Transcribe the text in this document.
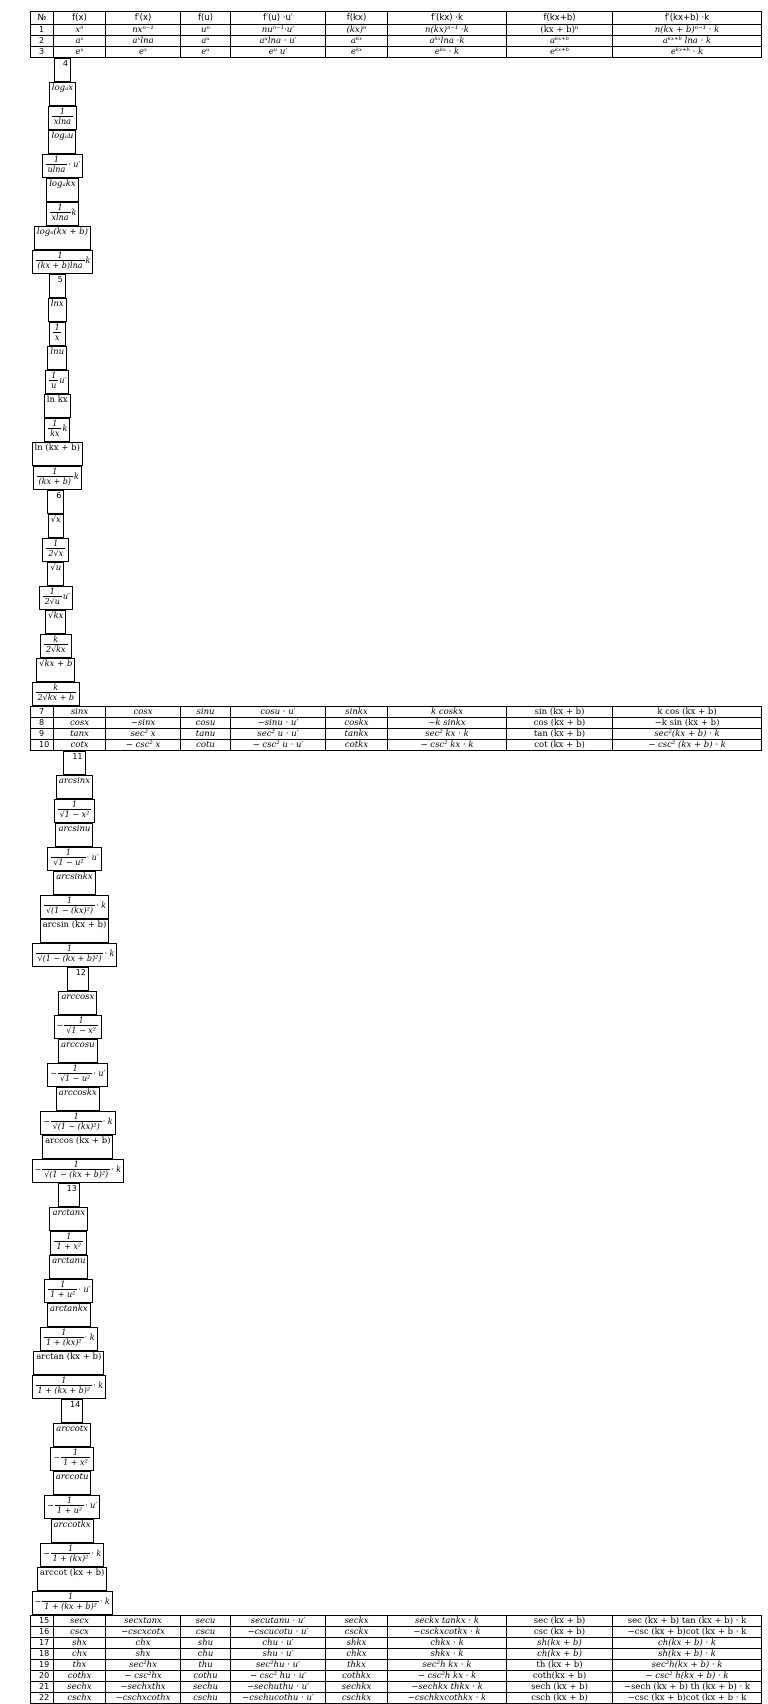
№	f(x)	f′(x)	f(u)	f′(u) ·u′	f(kx)	f′(kx) ·k	f(kx+b)	f′(kx+b) ·k
1	xⁿ	nxⁿ⁻¹	uⁿ	nuⁿ⁻¹·u′	(kx)ⁿ	n(kx)ⁿ⁻¹ ·k	(kx + b)ⁿ	n(kx + b)ⁿ⁻¹ · k
2	aˣ	aˣlna	aᵘ	aᵘlna · u′	aᵏˣ	aᵏˣlna ·k	aᵏˣ⁺ᵇ	aᵏˣ⁺ᵇ lna · k
3	eˣ	eˣ	eᵘ	eᵘ u′	eᵏˣ	eᵏˣ · k	eᵏˣ⁺ᵇ	eᵏˣ⁺ᵇ · k

4
logₐx
$\frac{1}{xlna}$
logₐu
$\frac{1}{ulna} \cdot u'$
logₐkx
$\frac{1}{xlna}$ k
logₐ(kx + b)
$\frac{1}{(kx + b)\ln a}$ k
5
lnx
$\frac{1}{x}$
lnu
$\frac{1}{u} u'$
ln kx
$\frac{1}{kx}$ k
ln (kx + b)
$\frac{1}{(kx + b)}$ k
6
√x
$\frac{1}{2√x}$
√u
$\frac{1}{2√u} u'$
√kx
$\frac{k}{2√kx}$
√kx + b
$\frac{k}{2√kx + b}$
7	sinx	cosx	sinu	cosu · u′	sinkx	k coskx	sin (kx + b)	k cos (kx + b)
8	cosx	−sinx	cosu	−sinu · u′	coskx	−k sinkx	cos (kx + b)	−k sin (kx + b)
9	tanx	sec² x	tanu	sec² u · u′	tankx	sec² kx · k	tan (kx + b)	sec²(kx + b) · k
10	cotx	− csc² x	cotu	− csc² u · u′	cotkx	− csc² kx · k	cot (kx + b)	− csc² (kx + b) · k

11
arcsinx
$\frac{1}{\text{√1 − x²}}$
arcsinu
$\frac{1}{\text{√1 − u²}} \cdot u'$
arcsinkx
$\frac{1}{\text{√(1 − (kx)²)}} \cdot k$
arcsin (kx + b)
$\frac{1}{\text{√(1 − (kx + b)²)}} \cdot k$
12
arccosx
− $\frac{1}{\text{√1 − x²}}$
arccosu
− $\frac{1}{\text{√1 − u²}} \cdot u'$
arccoskx
− $\frac{1}{\text{√(1 − (kx)²)}} \cdot k$
arccos (kx + b)
− $\frac{1}{\text{√(1 − (kx + b)²)}} \cdot k$
13
arctanx
$\frac{1}{\text{1 + x²}}$
arctanu
$\frac{1}{\text{1 + u²}} \cdot u'$
arctankx
$\frac{1}{\text{1 + (kx)²}} \cdot k$
arctan (kx + b)
$\frac{1}{\text{1 + (kx + b)²}} \cdot k$
14
arccotx
− $\frac{1}{\text{1 + x²}}$
arccotu
− $\frac{1}{\text{1 + u²}} \cdot u'$
arccotkx
− $\frac{1}{\text{1 + (kx)²}} \cdot k$
arccot (kx + b)
− $\frac{1}{\text{1 + (kx + b)²}} \cdot k$
15	secx	secxtanx	secu	secutanu · u′	seckx	seckx tankx · k	sec (kx + b)	sec (kx + b) tan (kx + b) · k
16	cscx	−cscxcotx	cscu	−cscucotu · u′	csckx	−csckxcotkx · k	csc (kx + b)	−csc (kx + b)cot (kx + b · k
17	shx	chx	shu	chu · u′	shkx	chkx · k	sh(kx + b)	ch(kx + b) · k
18	chx	shx	chu	shu · u′	chkx	shkx · k	ch(kx + b)	sh(kx + b) · k
19	thx	sec²hx	thu	sec²hu · u′	thkx	sec²h kx · k	th (kx + b)	sec²h(kx + b) · k
20	cothx	− csc²hx	cothu	− csc² hu · u′	cothkx	− csc²h kx · k	coth(kx + b)	− csc² h(kx + b) · k
21	sechx	−sechxthx	sechu	−sechuthu · u′	sechkx	−sechkx thkx · k	sech (kx + b)	−sech (kx + b) th (kx + b) · k
22	cschx	−cschxcothx	cschu	−cschucothu · u′	cschkx	−cschkxcothkx · k	csch (kx + b)	−csc (kx + b)cot (kx + b · k
